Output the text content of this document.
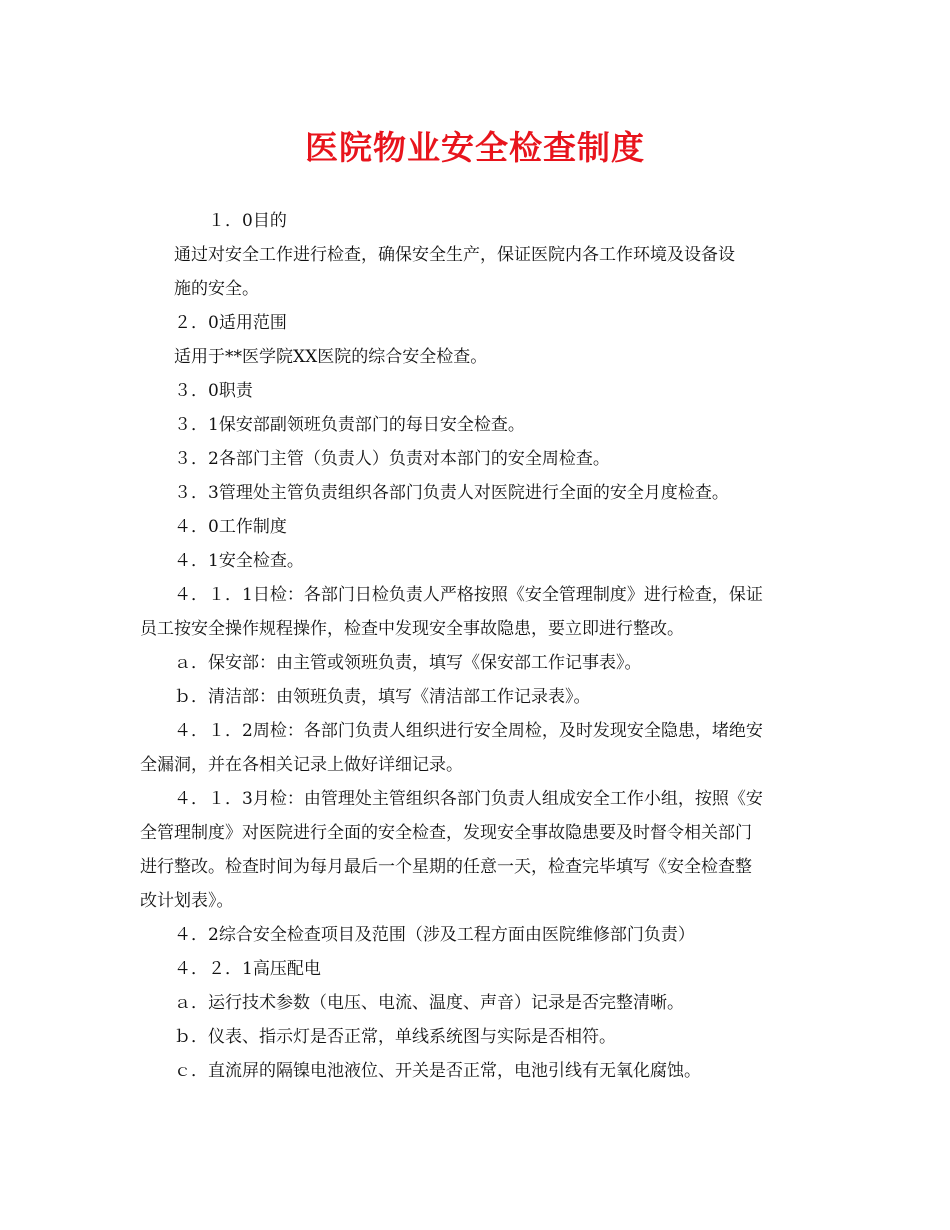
医院物业安全检查制度
１．0目的
通过对安全工作进行检查，确保安全生产，保证医院内各工作环境及设备设
施的安全。
２．0适用范围
适用于**医学院XX医院的综合安全检查。
３．0职责
３．1保安部副领班负责部门的每日安全检查。
３．2各部门主管（负责人）负责对本部门的安全周检查。
３．3管理处主管负责组织各部门负责人对医院进行全面的安全月度检查。
４．0工作制度
４．1安全检查。
４．１．1日检：各部门日检负责人严格按照《安全管理制度》进行检查，保证
员工按安全操作规程操作，检查中发现安全事故隐患，要立即进行整改。
ａ．保安部：由主管或领班负责，填写《保安部工作记事表》。
ｂ．清洁部：由领班负责，填写《清洁部工作记录表》。
４．１．2周检：各部门负责人组织进行安全周检，及时发现安全隐患，堵绝安
全漏洞，并在各相关记录上做好详细记录。
４．１．3月检：由管理处主管组织各部门负责人组成安全工作小组，按照《安
全管理制度》对医院进行全面的安全检查，发现安全事故隐患要及时督令相关部门
进行整改。检查时间为每月最后一个星期的任意一天，检查完毕填写《安全检查整
改计划表》。
４．2综合安全检查项目及范围（涉及工程方面由医院维修部门负责）
４．２．1高压配电
ａ．运行技术参数（电压、电流、温度、声音）记录是否完整清晰。
ｂ．仪表、指示灯是否正常，单线系统图与实际是否相符。
ｃ．直流屏的隔镍电池液位、开关是否正常，电池引线有无氧化腐蚀。
